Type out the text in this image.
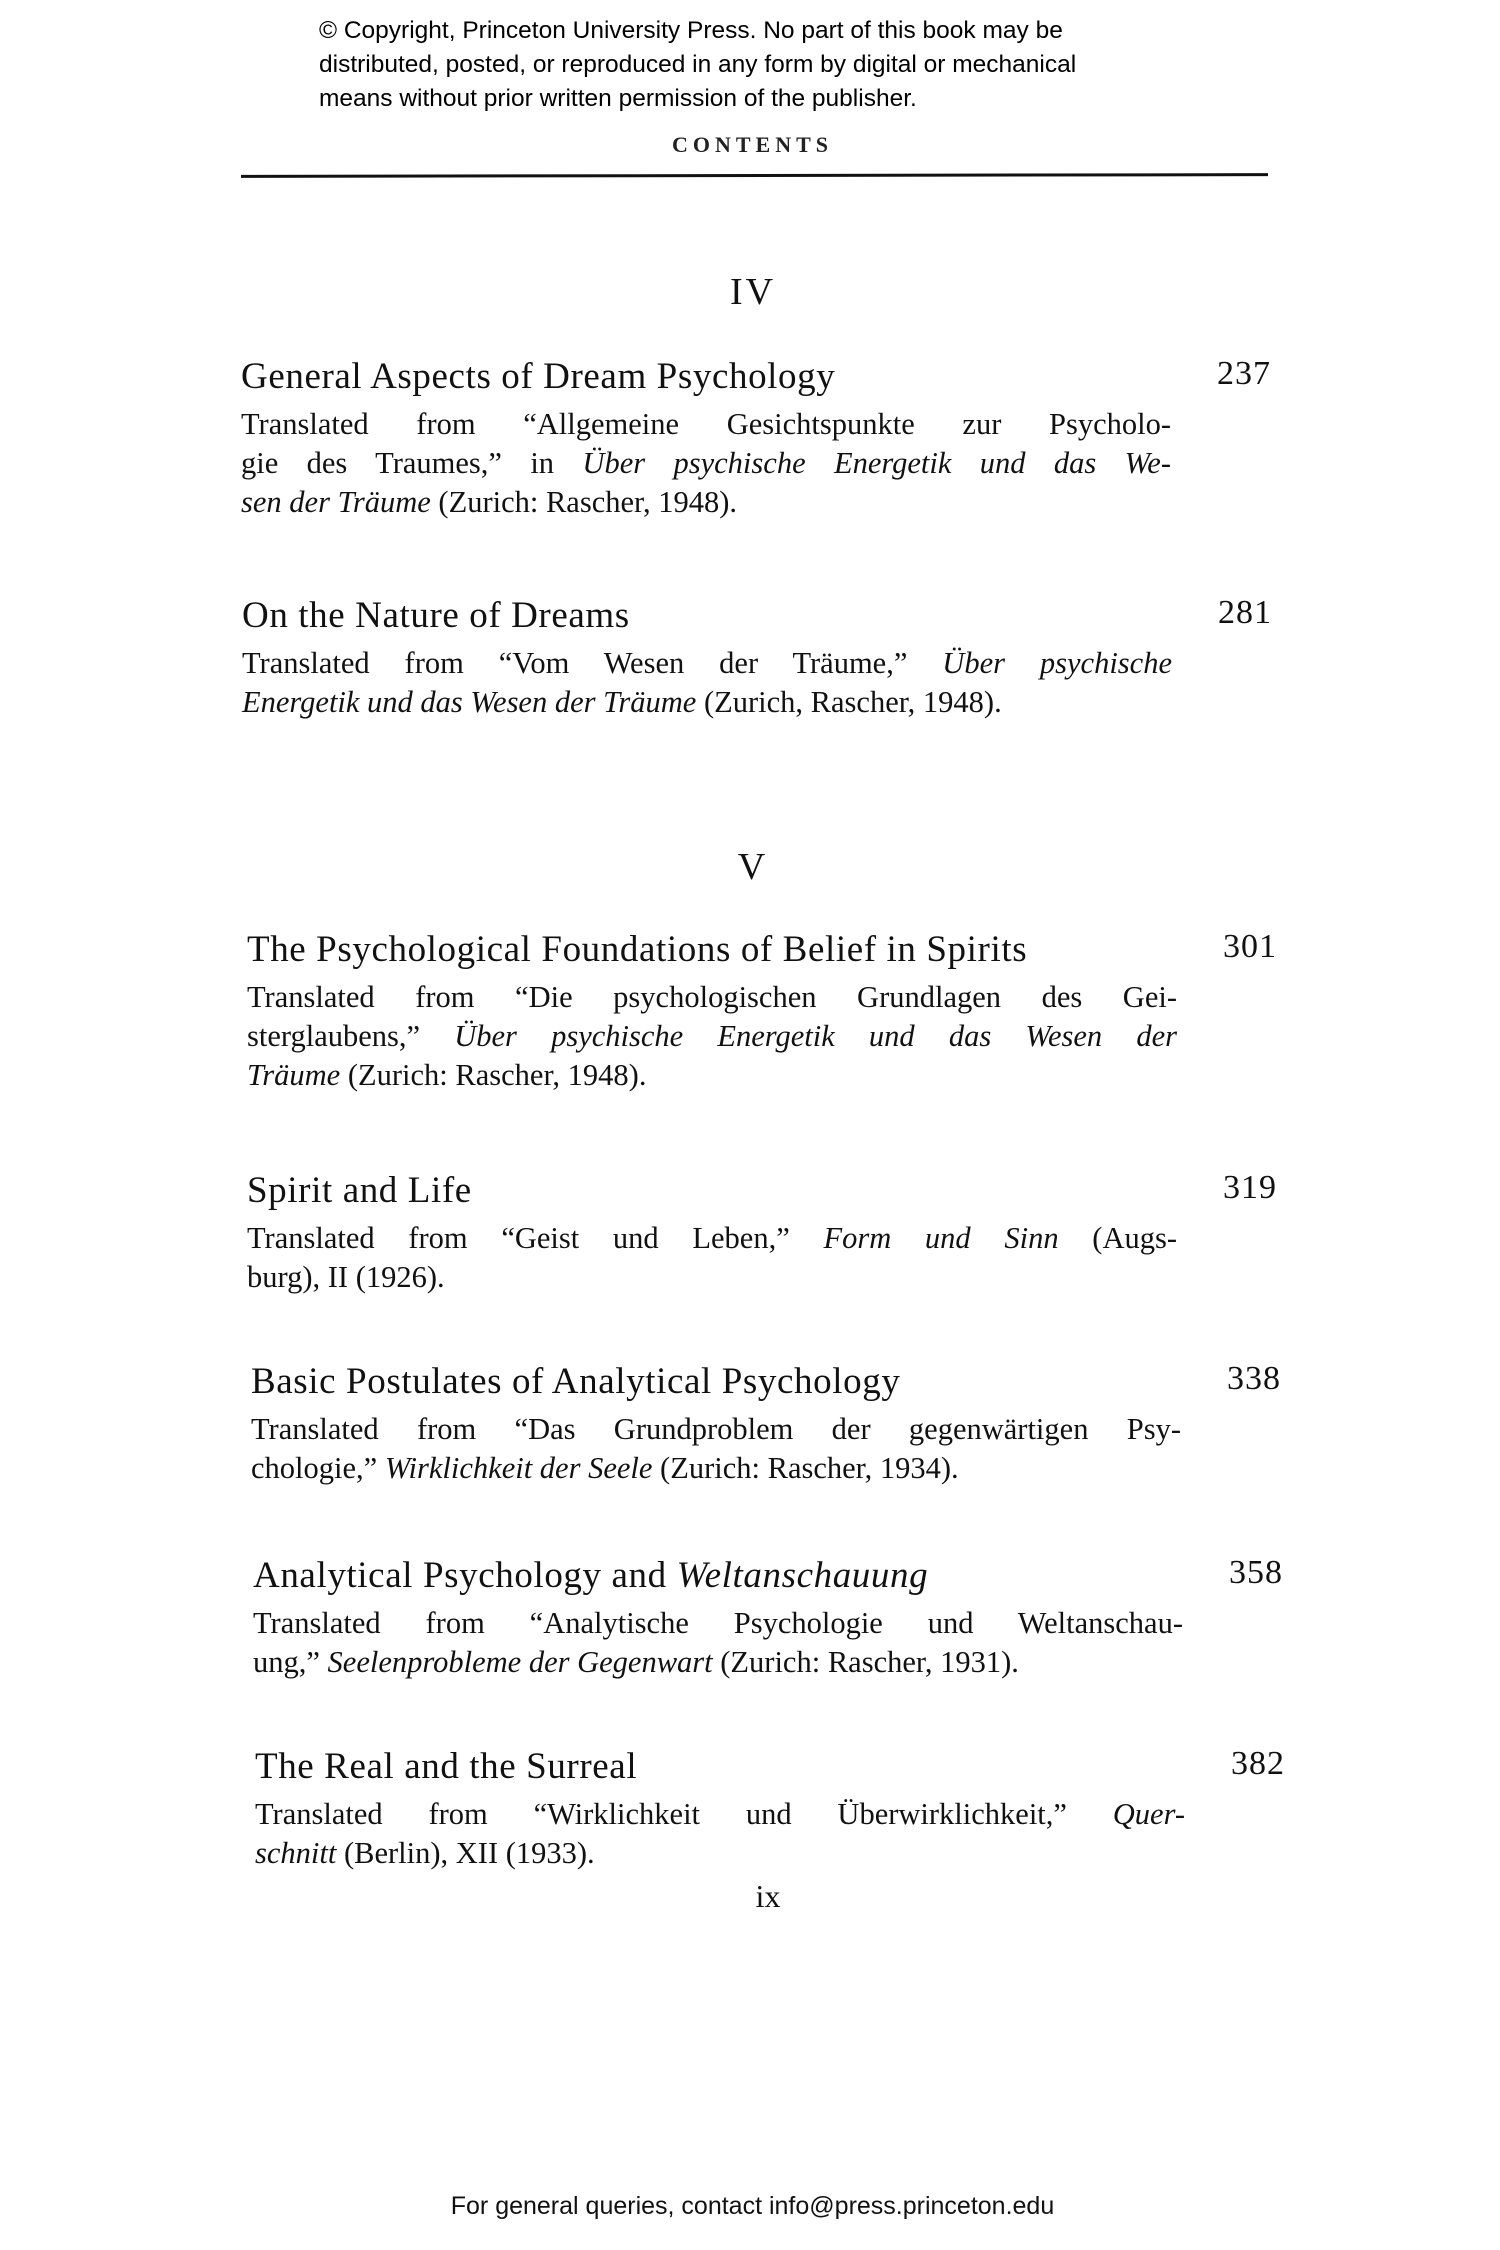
© Copyright, Princeton University Press. No part of this book may be
distributed, posted, or reproduced in any form by digital or mechanical
means without prior written permission of the publisher.
CONTENTS
IV
V
General Aspects of Dream Psychology	237
Translated from “Allgemeine Gesichtspunkte zur Psycholo-
gie des Traumes,” in Über psychische Energetik und das We-
sen der Träume (Zurich: Rascher, 1948).
On the Nature of Dreams	281
Translated from “Vom Wesen der Träume,” Über psychische
Energetik und das Wesen der Träume (Zurich, Rascher, 1948).
The Psychological Foundations of Belief in Spirits	301
Translated from “Die psychologischen Grundlagen des Gei-
sterglaubens,” Über psychische Energetik und das Wesen der
Träume (Zurich: Rascher, 1948).
Spirit and Life	319
Translated from “Geist und Leben,” Form und Sinn (Augs-
burg), II (1926).
Basic Postulates of Analytical Psychology	338
Translated from “Das Grundproblem der gegenwärtigen Psy-
chologie,” Wirklichkeit der Seele (Zurich: Rascher, 1934).
Analytical Psychology and Weltanschauung	358
Translated from “Analytische Psychologie und Weltanschau-
ung,” Seelenprobleme der Gegenwart (Zurich: Rascher, 1931).
The Real and the Surreal	382
Translated from “Wirklichkeit und Überwirklichkeit,” Quer-
schnitt (Berlin), XII (1933).
ix
For general queries, contact info@press.princeton.edu
